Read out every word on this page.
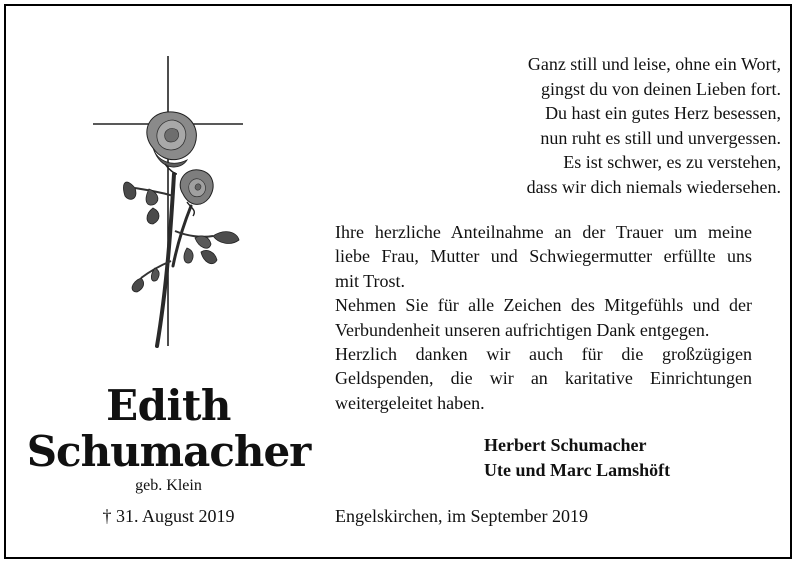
Edith
Schumacher
geb. Klein
† 31. August 2019
Ganz still und leise, ohne ein Wort,
gingst du von deinen Lieben fort.
Du hast ein gutes Herz besessen,
nun ruht es still und unvergessen.
Es ist schwer, es zu verstehen,
dass wir dich niemals wiedersehen.
Ihre herzliche Anteilnahme an der Trauer um meine
liebe Frau, Mutter und Schwiegermutter erfüllte uns
mit Trost.
Nehmen Sie für alle Zeichen des Mitgefühls und der
Verbundenheit unseren aufrichtigen Dank entgegen.
Herzlich danken wir auch für die großzügigen
Geldspenden, die wir an karitative Einrichtungen
weitergeleitet haben.
Herbert Schumacher
Ute und Marc Lamshöft
Engelskirchen, im September 2019
